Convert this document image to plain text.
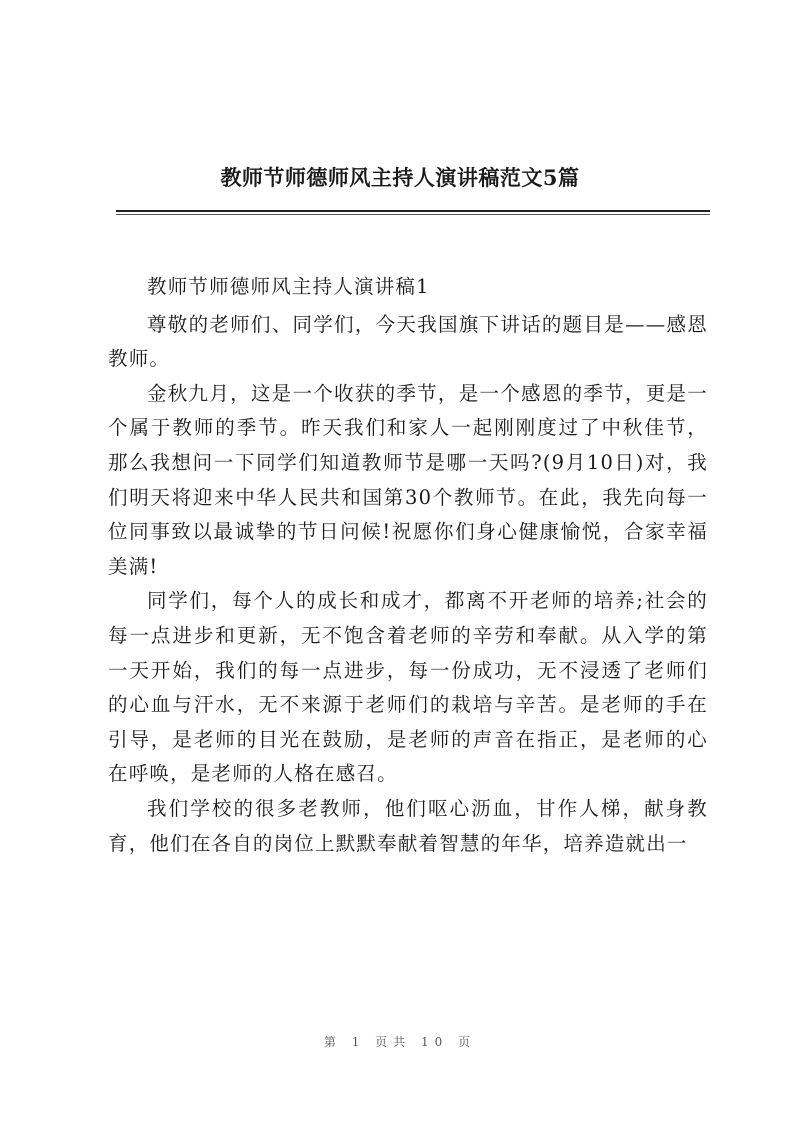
教师节师德师风主持人演讲稿范文5篇

教师节师德师风主持人演讲稿1

尊敬的老师们、同学们，今天我国旗下讲话的题目是——感恩教师。

金秋九月，这是一个收获的季节，是一个感恩的季节，更是一个属于教师的季节。昨天我们和家人一起刚刚度过了中秋佳节，那么我想问一下同学们知道教师节是哪一天吗?(9月10日)对，我们明天将迎来中华人民共和国第30个教师节。在此，我先向每一位同事致以最诚挚的节日问候!祝愿你们身心健康愉悦，合家幸福美满!

同学们，每个人的成长和成才，都离不开老师的培养;社会的每一点进步和更新，无不饱含着老师的辛劳和奉献。从入学的第一天开始，我们的每一点进步，每一份成功，无不浸透了老师们的心血与汗水，无不来源于老师们的栽培与辛苦。是老师的手在引导，是老师的目光在鼓励，是老师的声音在指正，是老师的心在呼唤，是老师的人格在感召。

我们学校的很多老教师，他们呕心沥血，甘作人梯，献身教育，他们在各自的岗位上默默奉献着智慧的年华，培养造就出一

第 1 页共 10 页
